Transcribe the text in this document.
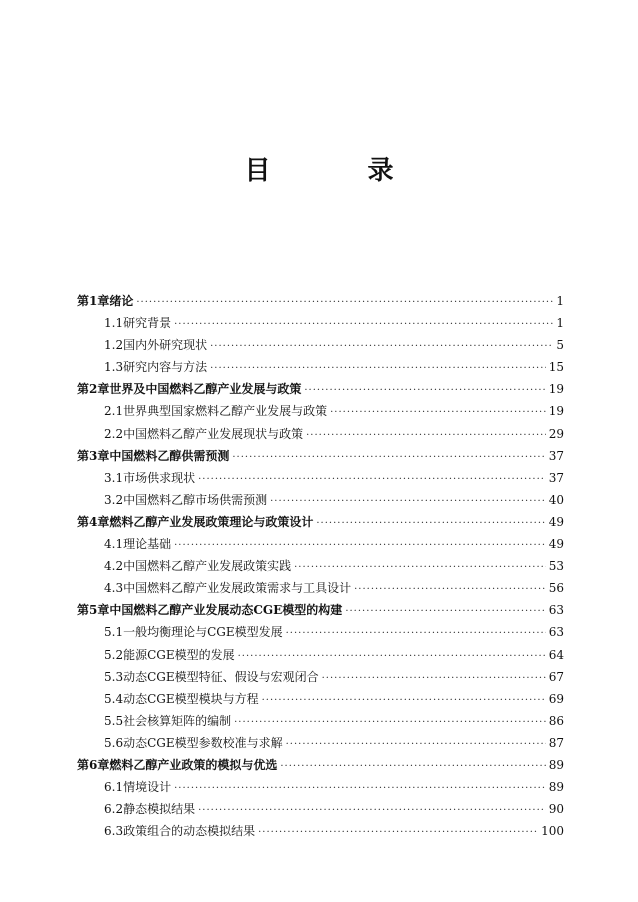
目 录
第1章 绪论 ·····	1
1.1 研究背景 ·····	1
1.2 国内外研究现状 ·····	5
1.3 研究内容与方法 ·····	15
第2章 世界及中国燃料乙醇产业发展与政策 ·····	19
2.1 世界典型国家燃料乙醇产业发展与政策 ·····	19
2.2 中国燃料乙醇产业发展现状与政策 ·····	29
第3章 中国燃料乙醇供需预测 ·····	37
3.1 市场供求现状 ·····	37
3.2 中国燃料乙醇市场供需预测 ·····	40
第4章 燃料乙醇产业发展政策理论与政策设计 ·····	49
4.1 理论基础 ·····	49
4.2 中国燃料乙醇产业发展政策实践 ·····	53
4.3 中国燃料乙醇产业发展政策需求与工具设计 ·····	56
第5章 中国燃料乙醇产业发展动态CGE模型的构建 ·····	63
5.1 一般均衡理论与CGE模型发展 ·····	63
5.2 能源CGE模型的发展 ·····	64
5.3 动态CGE模型特征、假设与宏观闭合 ·····	67
5.4 动态CGE模型模块与方程 ·····	69
5.5 社会核算矩阵的编制 ·····	86
5.6 动态CGE模型参数校准与求解 ·····	87
第6章 燃料乙醇产业政策的模拟与优选 ·····	89
6.1 情境设计 ·····	89
6.2 静态模拟结果 ·····	90
6.3 政策组合的动态模拟结果 ·····	100
